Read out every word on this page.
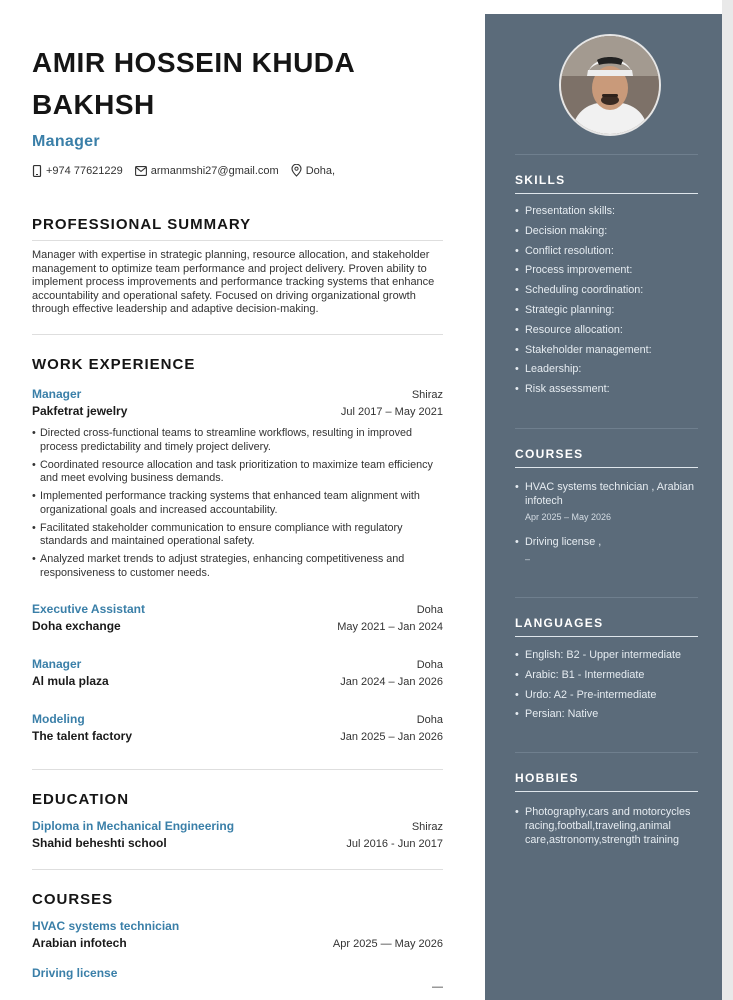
AMIR HOSSEIN KHUDA BAKHSH
Manager
+974 77621229	armanmshi27@gmail.com Doha,
PROFESSIONAL SUMMARY
Manager with expertise in strategic planning, resource allocation, and stakeholder management to optimize team performance and project delivery. Proven ability to implement process improvements and performance tracking systems that enhance accountability and operational safety. Focused on driving organizational growth through effective leadership and adaptive decision-making.
WORK EXPERIENCE
Manager	Shiraz
Pakfetrat jewelry	Jul 2017 – May 2021
• Directed cross-functional teams to streamline workflows, resulting in improved process predictability and timely project delivery.
• Coordinated resource allocation and task prioritization to maximize team efficiency and meet evolving business demands.
• Implemented performance tracking systems that enhanced team alignment with organizational goals and increased accountability.
• Facilitated stakeholder communication to ensure compliance with regulatory standards and maintained operational safety.
• Analyzed market trends to adjust strategies, enhancing competitiveness and responsiveness to customer needs.
Executive Assistant	Doha
Doha exchange	May 2021 – Jan 2024
Manager	Doha
Al mula plaza	Jan 2024 – Jan 2026
Modeling	Doha
The talent factory	Jan 2025 – Jan 2026
EDUCATION
Diploma in Mechanical Engineering	Shiraz
Shahid beheshti school	Jul 2016 - Jun 2017
COURSES
HVAC systems technician
Arabian infotech	Apr 2025 — May 2026
Driving license
—
SKILLS
• Presentation skills:
• Decision making:
• Conflict resolution:
• Process improvement:
• Scheduling coordination:
• Strategic planning:
• Resource allocation:
• Stakeholder management:
• Leadership:
• Risk assessment:
COURSES
• HVAC systems technician , Arabian infotech
Apr 2025 – May 2026
• Driving license ,
–
LANGUAGES
• English: B2 - Upper intermediate
• Arabic: B1 - Intermediate
• Urdo: A2 - Pre-intermediate
• Persian: Native
HOBBIES
• Photography,cars and motorcycles racing,football,traveling,animal care,astronomy,strength training
